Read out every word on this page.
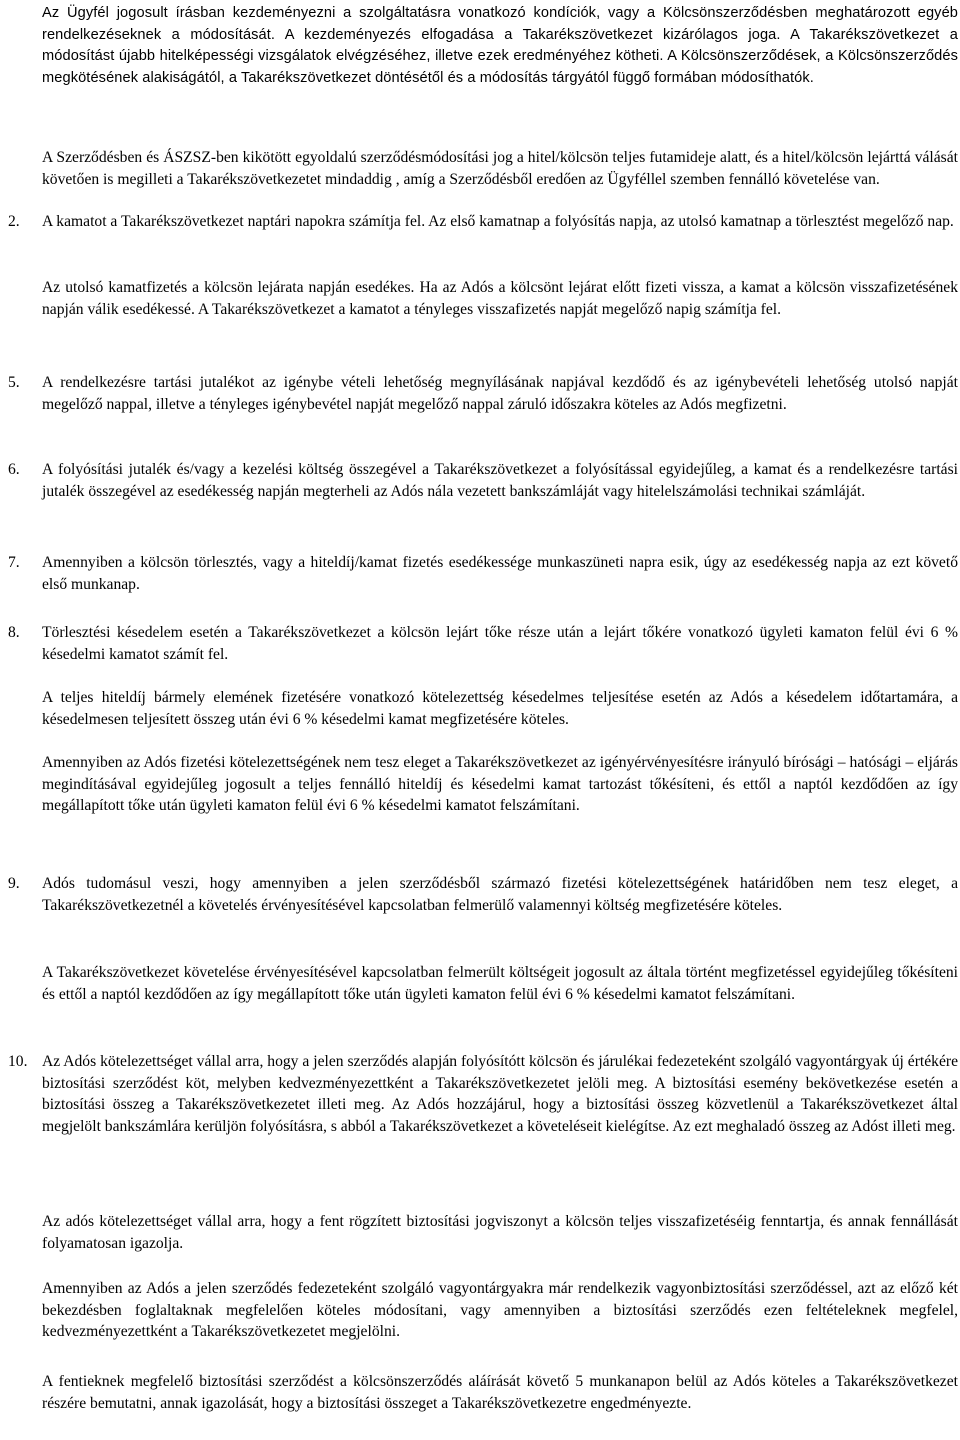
Az Ügyfél jogosult írásban kezdeményezni a szolgáltatásra vonatkozó kondíciók, vagy a Kölcsönszerződésben meghatározott egyéb rendelkezéseknek a módosítását. A kezdeményezés elfogadása a Takarékszövetkezet kizárólagos joga. A Takarékszövetkezet a módosítást újabb hitelképességi vizsgálatok elvégzéséhez, illetve ezek eredményéhez kötheti. A Kölcsönszerződések, a Kölcsönszerződés megkötésének alakiságától, a Takarékszövetkezet döntésétől és a módosítás tárgyától függő formában módosíthatók.

A Szerződésben és ÁSZSZ-ben kikötött egyoldalú szerződésmódosítási jog a hitel/kölcsön teljes futamideje alatt, és a hitel/kölcsön lejárttá válását követően is megilleti a Takarékszövetkezetet mindaddig , amíg a Szerződésből eredően az Ügyféllel szemben fennálló követelése van.

2. A kamatot a Takarékszövetkezet naptári napokra számítja fel. Az első kamatnap a folyósítás napja, az utolsó kamatnap a törlesztést megelőző nap.

Az utolsó kamatfizetés a kölcsön lejárata napján esedékes. Ha az Adós a kölcsönt lejárat előtt fizeti vissza, a kamat a kölcsön visszafizetésének napján válik esedékessé. A Takarékszövetkezet a kamatot a tényleges visszafizetés napját megelőző napig számítja fel.

5. A rendelkezésre tartási jutalékot az igénybe vételi lehetőség megnyílásának napjával kezdődő és az igénybevételi lehetőség utolsó napját megelőző nappal, illetve a tényleges igénybevétel napját megelőző nappal záruló időszakra köteles az Adós megfizetni.

6. A folyósítási jutalék és/vagy a kezelési költség összegével a Takarékszövetkezet a folyósítással egyidejűleg, a kamat és a rendelkezésre tartási jutalék összegével az esedékesség napján megterheli az Adós nála vezetett bankszámláját vagy hitelelszámolási technikai számláját.

7. Amennyiben a kölcsön törlesztés, vagy a hiteldíj/kamat fizetés esedékessége munkaszüneti napra esik, úgy az esedékesség napja az ezt követő első munkanap.

8. Törlesztési késedelem esetén a Takarékszövetkezet a kölcsön lejárt tőke része után a lejárt tőkére vonatkozó ügyleti kamaton felül évi 6 % késedelmi kamatot számít fel.

A teljes hiteldíj bármely elemének fizetésére vonatkozó kötelezettség késedelmes teljesítése esetén az Adós a késedelem időtartamára, a késedelmesen teljesített összeg után évi 6 % késedelmi kamat megfizetésére köteles.

Amennyiben az Adós fizetési kötelezettségének nem tesz eleget a Takarékszövetkezet az igényérvényesítésre irányuló bírósági – hatósági – eljárás megindításával egyidejűleg jogosult a teljes fennálló hiteldíj és késedelmi kamat tartozást tőkésíteni, és ettől a naptól kezdődően az így megállapított tőke után ügyleti kamaton felül évi 6 % késedelmi kamatot felszámítani.

9. Adós tudomásul veszi, hogy amennyiben a jelen szerződésből származó fizetési kötelezettségének határidőben nem tesz eleget, a Takarékszövetkezetnél a követelés érvényesítésével kapcsolatban felmerülő valamennyi költség megfizetésére köteles.

A Takarékszövetkezet követelése érvényesítésével kapcsolatban felmerült költségeit jogosult az általa történt megfizetéssel egyidejűleg tőkésíteni és ettől a naptól kezdődően az így megállapított tőke után ügyleti kamaton felül évi 6 % késedelmi kamatot felszámítani.

10. Az Adós kötelezettséget vállal arra, hogy a jelen szerződés alapján folyósítótt kölcsön és járulékai fedezeteként szolgáló vagyontárgyak új értékére biztosítási szerződést köt, melyben kedvezményezettként a Takarékszövetkezetet jelöli meg. A biztosítási esemény bekövetkezése esetén a biztosítási összeg a Takarékszövetkezetet illeti meg. Az Adós hozzájárul, hogy a biztosítási összeg közvetlenül a Takarékszövetkezet által megjelölt bankszámlára kerüljön folyósításra, s abból a Takarékszövetkezet a követeléseit kielégítse. Az ezt meghaladó összeg az Adóst illeti meg.

Az adós kötelezettséget vállal arra, hogy a fent rögzített biztosítási jogviszonyt a kölcsön teljes visszafizetéséig fenntartja, és annak fennállását folyamatosan igazolja.

Amennyiben az Adós a jelen szerződés fedezeteként szolgáló vagyontárgyakra már rendelkezik vagyonbiztosítási szerződéssel, azt az előző két bekezdésben foglaltaknak megfelelően köteles módosítani, vagy amennyiben a biztosítási szerződés ezen feltételeknek megfelel, kedvezményezettként a Takarékszövetkezetet megjelölni.

A fentieknek megfelelő biztosítási szerződést a kölcsönszerződés aláírását követő 5 munkanapon belül az Adós köteles a Takarékszövetkezet részére bemutatni, annak igazolását, hogy a biztosítási összeget a Takarékszövetkezetre engedményezte.
